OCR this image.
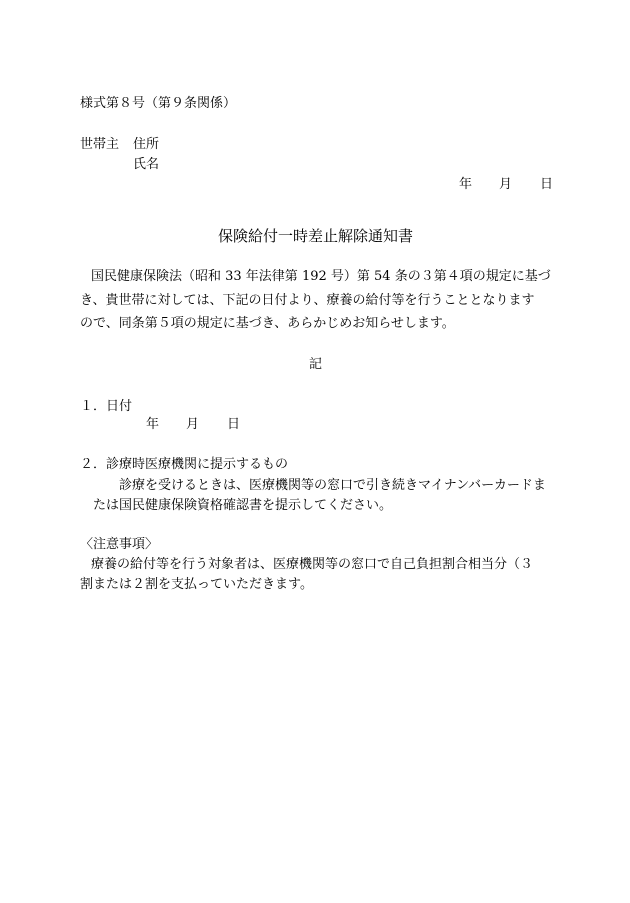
様式第８号（第９条関係）

世帯主 住所

氏名

年 月 日

保険給付一時差止解除通知書

国民健康保険法（昭和 33 年法律第 192 号）第 54 条の３第４項の規定に基づ

き、貴世帯に対しては、下記の日付より、療養の給付等を行うこととなります

ので、同条第５項の規定に基づき、あらかじめお知らせします。

記

１． 日付

年 月 日

２． 診療時医療機関に提示するもの

診療を受けるときは、医療機関等の窓口で引き続きマイナンバーカードま

たは国民健康保険資格確認書を提示してください。

〈注意事項〉

療養の給付等を行う対象者は、医療機関等の窓口で自己負担割合相当分（３

割または２割を支払っていただきます。
